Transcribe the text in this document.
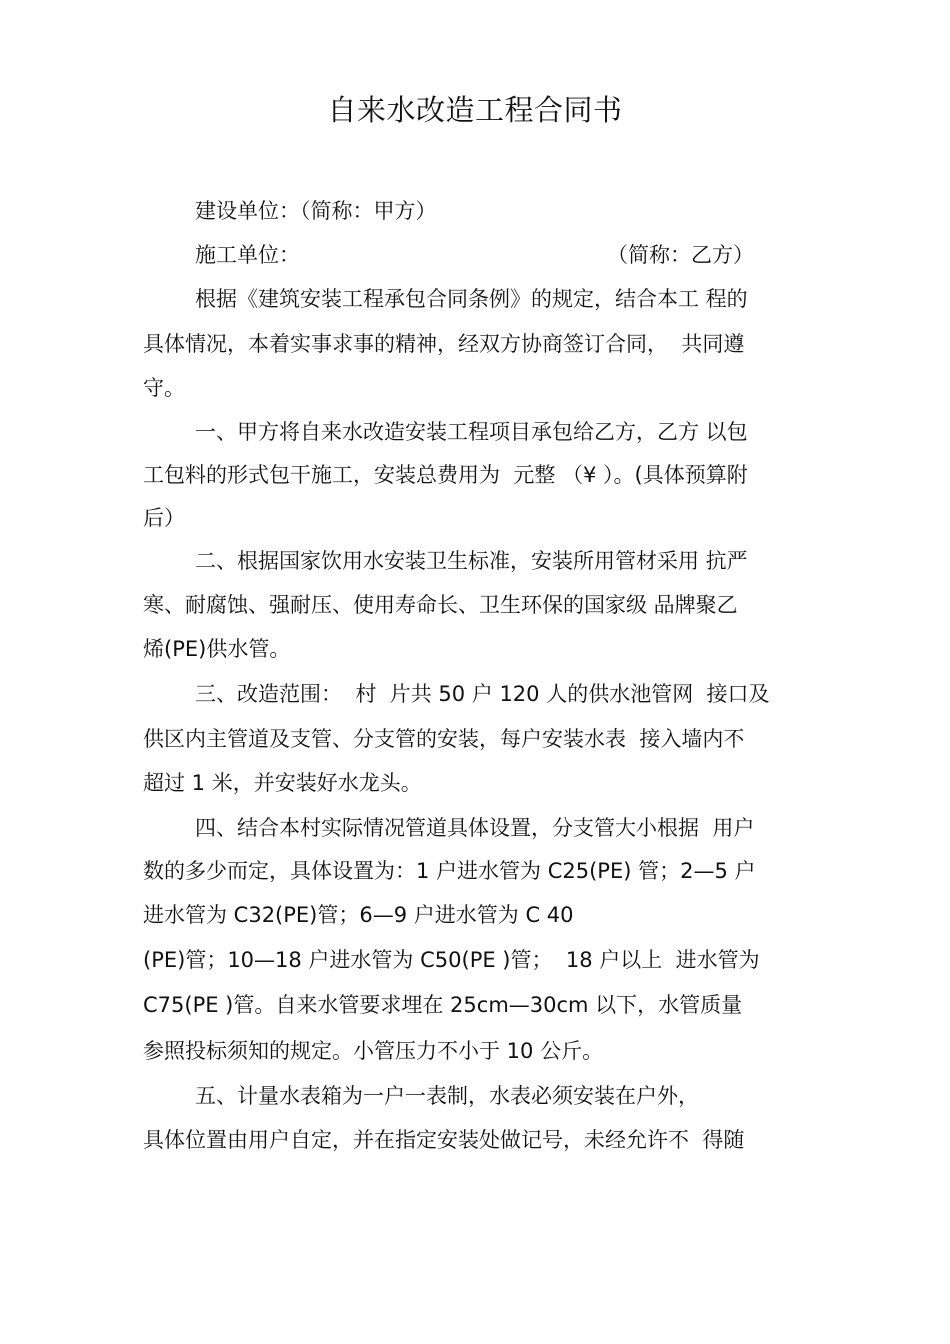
自来水改造工程合同书

建设单位：（简称：甲方）

施工单位：	（简称：乙方）

根据《建筑安装工程承包合同条例》的规定，结合本工 程的

具体情况，本着实事求事的精神，经双方协商签订合同，  共同遵

守。

一、甲方将自来水改造安装工程项目承包给乙方，乙方 以包

工包料的形式包干施工，安装总费用为  元整 （¥ ）。(具体预算附

后）

二、根据国家饮用水安装卫生标准，安装所用管材采用 抗严

寒、耐腐蚀、强耐压、使用寿命长、卫生环保的国家级 品牌聚乙

烯(PE)供水管。

三、改造范围：  村  片共 50 户 120 人的供水池管网  接口及

供区内主管道及支管、分支管的安装，每户安装水表  接入墙内不

超过 1 米，并安装好水龙头。

四、结合本村实际情况管道具体设置，分支管大小根据  用户

数的多少而定，具体设置为：1 户进水管为 C25(PE) 管；2—5 户

进水管为 C32(PE)管；6—9 户进水管为 C 40

(PE)管；10—18 户进水管为 C50(PE )管；  18 户以上  进水管为

C75(PE )管。自来水管要求埋在 25cm—30cm 以下，水管质量

参照投标须知的规定。小管压力不小于 10 公斤。

五、计量水表箱为一户一表制，水表必须安装在户外，

具体位置由用户自定，并在指定安装处做记号，未经允许不  得随
